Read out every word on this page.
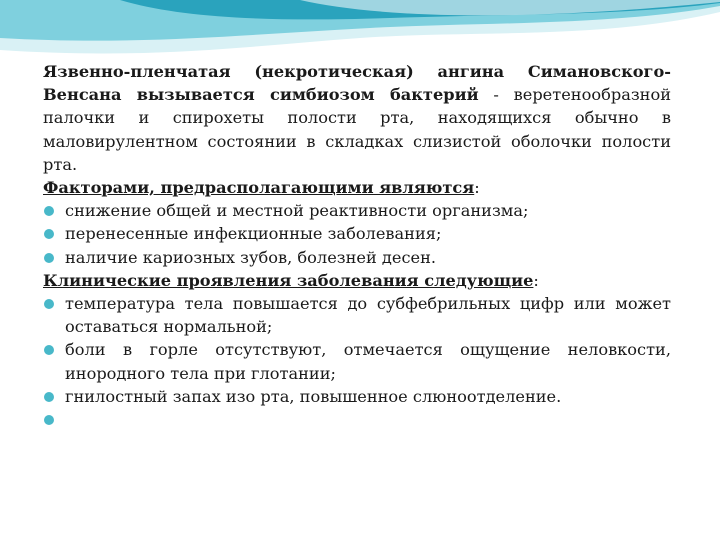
Язвенно-пленчатая (некротическая) ангина Симановского-Венсана вызывается симбиозом бактерий - веретенообразной палочки и спирохеты полости рта, находящихся обычно в маловирулентном состоянии в складках слизистой оболочки полости рта.

Факторами, предрасполагающими являются:

снижение общей и местной реактивности организма;
перенесенные инфекционные заболевания;
наличие кариозных зубов, болезней десен.

Клинические проявления заболевания следующие:

температура тела повышается до субфебрильных цифр или может оставаться нормальной;
боли в горле отсутствуют, отмечается ощущение неловкости, инородного тела при глотании;
гнилостный запах изо рта, повышенное слюноотделение.
